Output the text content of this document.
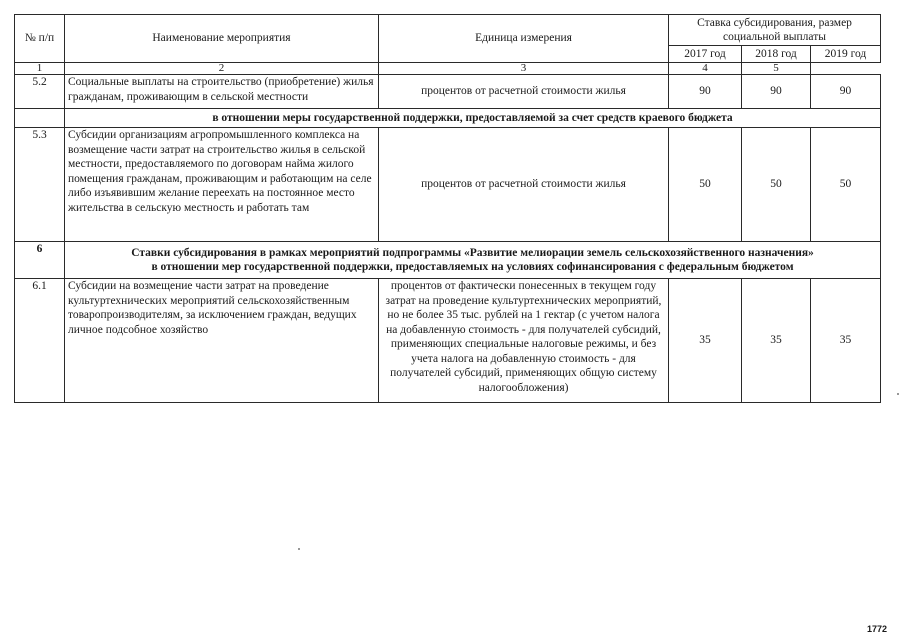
№ п/п	Наименование мероприятия	Единица измерения	Ставка субсидирования, размер социальной выплаты		
			2017 год	2018 год	2019 год
1	2	3	4	5	
5.2	Социальные выплаты на строительство (приобретение) жилья гражданам, проживающим в сельской местности	процентов от расчетной стоимости жилья	90	90	90
	в отношении меры государственной поддержки, предоставляемой за счет средств краевого бюджета				
5.3	Субсидии организациям агропромышленного комплекса на возмещение части затрат на строительство жилья в сельской местности, предоставляемого по договорам найма жилого помещения гражданам, проживающим и работающим на селе либо изъявившим желание переехать на постоянное место жительства в сельскую местность и работать там	процентов от расчетной стоимости жилья	50	50	50
6	Ставки субсидирования в рамках мероприятий подпрограммы «Развитие мелиорации земель сельскохозяйственного назначения»
в отношении мер государственной поддержки, предоставляемых на условиях софинансирования с федеральным бюджетом				

6.1	Субсидии на возмещение части затрат на проведение культуртехнических мероприятий сельскохозяйственным товаропроизводителям, за исключением граждан, ведущих личное подсобное хозяйство	процентов от фактически понесенных в текущем году затрат на проведение культуртехнических мероприятий, но не более 35 тыс. рублей на 1 гектар (с учетом налога на добавленную стоимость - для получателей субсидий, применяющих специальные налоговые режимы, и без учета налога на добавленную стоимость - для получателей субсидий, применяющих общую систему налогообложения)	35	35	35
1772
